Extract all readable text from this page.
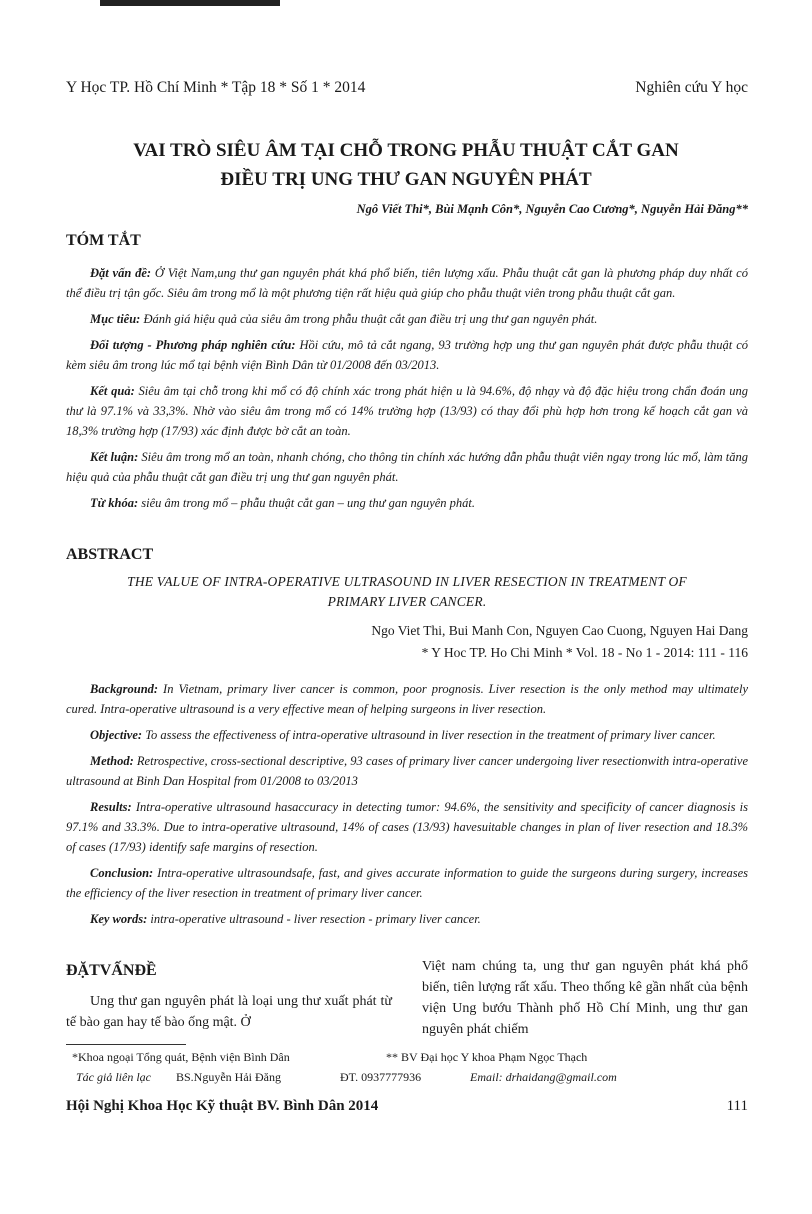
Y Học TP. Hồ Chí Minh * Tập 18 * Số 1 * 2014	Nghiên cứu Y học
VAI TRÒ SIÊU ÂM TẠI CHỖ TRONG PHẪU THUẬT CẮT GAN
ĐIỀU TRỊ UNG THƯ GAN NGUYÊN PHÁT
Ngô Viết Thi*, Bùi Mạnh Côn*, Nguyễn Cao Cương*, Nguyễn Hải Đăng**
TÓM TẮT
Đặt vấn đề: Ở Việt Nam,ung thư gan nguyên phát khá phổ biến, tiên lượng xấu. Phẫu thuật cắt gan là phương pháp duy nhất có thể điều trị tận gốc. Siêu âm trong mổ là một phương tiện rất hiệu quả giúp cho phẫu thuật viên trong phẫu thuật cắt gan.
Mục tiêu: Đánh giá hiệu quả của siêu âm trong phẫu thuật cắt gan điều trị ung thư gan nguyên phát.
Đối tượng - Phương pháp nghiên cứu: Hồi cứu, mô tả cắt ngang, 93 trường hợp ung thư gan nguyên phát được phẫu thuật có kèm siêu âm trong lúc mổ tại bệnh viện Bình Dân từ 01/2008 đến 03/2013.
Kết quả: Siêu âm tại chỗ trong khi mổ có độ chính xác trong phát hiện u là 94.6%, độ nhạy và độ đặc hiệu trong chẩn đoán ung thư là 97.1% và 33,3%. Nhờ vào siêu âm trong mổ có 14% trường hợp (13/93) có thay đổi phù hợp hơn trong kế hoạch cắt gan và 18,3% trường hợp (17/93) xác định được bờ cắt an toàn.
Kết luận: Siêu âm trong mổ an toàn, nhanh chóng, cho thông tin chính xác hướng dẫn phẫu thuật viên ngay trong lúc mổ, làm tăng hiệu quả của phẫu thuật cắt gan điều trị ung thư gan nguyên phát.
Từ khóa: siêu âm trong mổ – phẫu thuật cắt gan – ung thư gan nguyên phát.
ABSTRACT
THE VALUE OF INTRA-OPERATIVE ULTRASOUND IN LIVER RESECTION IN TREATMENT OF
PRIMARY LIVER CANCER.
Ngo Viet Thi, Bui Manh Con, Nguyen Cao Cuong, Nguyen Hai Dang
* Y Hoc TP. Ho Chi Minh * Vol. 18 - No 1 - 2014: 111 - 116
Background: In Vietnam, primary liver cancer is common, poor prognosis. Liver resection is the only method may ultimately cured. Intra-operative ultrasound is a very effective mean of helping surgeons in liver resection.
Objective: To assess the effectiveness of intra-operative ultrasound in liver resection in the treatment of primary liver cancer.
Method: Retrospective, cross-sectional descriptive, 93 cases of primary liver cancer undergoing liver resectionwith intra-operative ultrasound at Binh Dan Hospital from 01/2008 to 03/2013
Results: Intra-operative ultrasound hasaccuracy in detecting tumor: 94.6%, the sensitivity and specificity of cancer diagnosis is 97.1% and 33.3%. Due to intra-operative ultrasound, 14% of cases (13/93) havesuitable changes in plan of liver resection and 18.3% of cases (17/93) identify safe margins of resection.
Conclusion: Intra-operative ultrasoundsafe, fast, and gives accurate information to guide the surgeons during surgery, increases the efficiency of the liver resection in treatment of primary liver cancer.
Key words: intra-operative ultrasound - liver resection - primary liver cancer.
ĐẶTVẤNĐỀ
Ung thư gan nguyên phát là loại ung thư xuất phát từ tế bào gan hay tế bào ống mật. Ở
Việt nam chúng ta, ung thư gan nguyên phát khá phổ biến, tiên lượng rất xấu. Theo thống kê gần nhất của bệnh viện Ung bướu Thành phố Hồ Chí Minh, ung thư gan nguyên phát chiếm
*Khoa ngoại Tổng quát, Bệnh viện Bình Dân	** BV Đại học Y khoa Phạm Ngọc Thạch
Tác giả liên lạc BS.Nguyễn Hải Đăng	ĐT. 0937777936	Email: drhaidang@gmail.com
Hội Nghị Khoa Học Kỹ thuật BV. Bình Dân 2014	111
